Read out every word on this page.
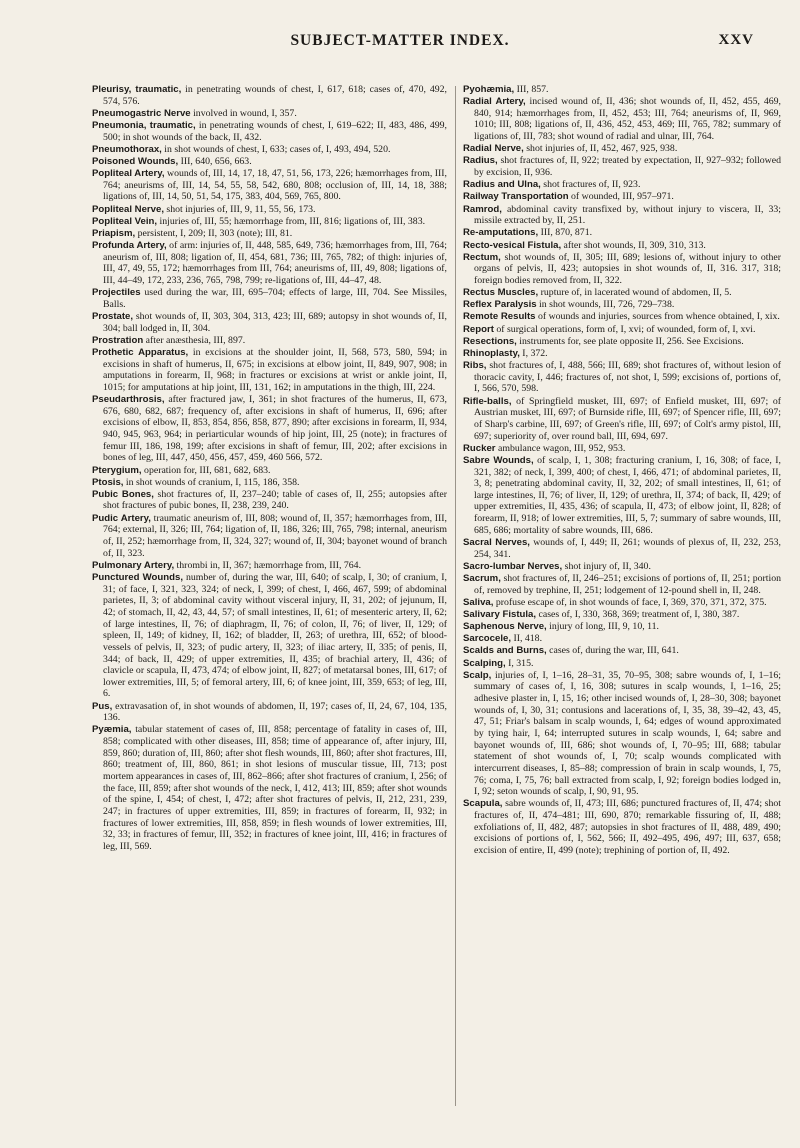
SUBJECT-MATTER INDEX.	XXV
Pleurisy, traumatic, in penetrating wounds of chest, I, 617, 618; cases of, 470, 492, 574, 576.
Pneumogastric Nerve involved in wound, I, 357.
Pneumonia, traumatic, in penetrating wounds of chest, I, 619–622; II, 483, 486, 499, 500; in shot wounds of the back, II, 432.
Pneumothorax, in shot wounds of chest, I, 633; cases of, I, 493, 494, 520.
Poisoned Wounds, III, 640, 656, 663.
Popliteal Artery, wounds of, III, 14, 17, 18, 47, 51, 56, 173, 226; hæmorrhages from, III, 764; aneurisms of, III, 14, 54, 55, 58, 542, 680, 808; occlusion of, III, 14, 18, 388; ligations of, III, 14, 50, 51, 54, 175, 383, 404, 569, 765, 800.
Popliteal Nerve, shot injuries of, III, 9, 11, 55, 56, 173.
Popliteal Vein, injuries of, III, 55; hæmorrhage from, III, 816; ligations of, III, 383.
Priapism, persistent, I, 209; II, 303 (note); III, 81.
Profunda Artery, of arm: injuries of, II, 448, 585, 649, 736; hæmorrhages from, III, 764; aneurism of, III, 808; ligation of, II, 454, 681, 736; III, 765, 782; of thigh: injuries of, III, 47, 49, 55, 172; hæmorrhages from III, 764; aneurisms of, III, 49, 808; ligations of, III, 44–49, 172, 233, 236, 765, 798, 799; re-ligations of, III, 44–47, 48.
Projectiles used during the war, III, 695–704; effects of large, III, 704. See Missiles, Balls.
Prostate, shot wounds of, II, 303, 304, 313, 423; III, 689; autopsy in shot wounds of, II, 304; ball lodged in, II, 304.
Prostration after anæsthesia, III, 897.
Prothetic Apparatus, in excisions at the shoulder joint, II, 568, 573, 580, 594; in excisions in shaft of humerus, II, 675; in excisions at elbow joint, II, 849, 907, 908; in amputations in forearm, II, 968; in fractures or excisions at wrist or ankle joint, II, 1015; for amputations at hip joint, III, 131, 162; in amputations in the thigh, III, 224.
Pseudarthrosis, after fractured jaw, I, 361; in shot fractures of the humerus, II, 673, 676, 680, 682, 687; frequency of, after excisions in shaft of humerus, II, 696; after excisions of elbow, II, 853, 854, 856, 858, 877, 890; after excisions in forearm, II, 934, 940, 945, 963, 964; in periarticular wounds of hip joint, III, 25 (note); in fractures of femur III, 186, 198, 199; after excisions in shaft of femur, III, 202; after excisions in bones of leg, III, 447, 450, 456, 457, 459, 460 566, 572.
Pterygium, operation for, III, 681, 682, 683.
Ptosis, in shot wounds of cranium, I, 115, 186, 358.
Pubic Bones, shot fractures of, II, 237–240; table of cases of, II, 255; autopsies after shot fractures of pubic bones, II, 238, 239, 240.
Pudic Artery, traumatic aneurism of, III, 808; wound of, II, 357; hæmorrhages from, III, 764; external, II, 326; III, 764; ligation of, II, 186, 326; III, 765, 798; internal, aneurism of, II, 252; hæmorrhage from, II, 324, 327; wound of, II, 304; bayonet wound of branch of, II, 323.
Pulmonary Artery, thrombi in, II, 367; hæmorrhage from, III, 764.
Punctured Wounds, number of, during the war, III, 640; of scalp, I, 30; of cranium, I, 31; of face, I, 321, 323, 324; of neck, I, 399; of chest, I, 466, 467, 599; of abdominal parietes, II, 3; of abdominal cavity without visceral injury, II, 31, 202; of jejunum, II, 42; of stomach, II, 42, 43, 44, 57; of small intestines, II, 61; of mesenteric artery, II, 62; of large intestines, II, 76; of diaphragm, II, 76; of colon, II, 76; of liver, II, 129; of spleen, II, 149; of kidney, II, 162; of bladder, II, 263; of urethra, III, 652; of blood-vessels of pelvis, II, 323; of pudic artery, II, 323; of iliac artery, II, 335; of penis, II, 344; of back, II, 429; of upper extremities, II, 435; of brachial artery, II, 436; of clavicle or scapula, II, 473, 474; of elbow joint, II, 827; of metatarsal bones, III, 617; of lower extremities, III, 5; of femoral artery, III, 6; of knee joint, III, 359, 653; of leg, III, 6.
Pus, extravasation of, in shot wounds of abdomen, II, 197; cases of, II, 24, 67, 104, 135, 136.
Pyæmia, tabular statement of cases of, III, 858; percentage of fatality in cases of, III, 858; complicated with other diseases, III, 858; time of appearance of, after injury, III, 859, 860; duration of, III, 860; after shot flesh wounds, III, 860; after shot fractures, III, 860; treatment of, III, 860, 861; in shot lesions of muscular tissue, III, 713; post mortem appearances in cases of, III, 862–866; after shot fractures of cranium, I, 256; of the face, III, 859; after shot wounds of the neck, I, 412, 413; III, 859; after shot wounds of the spine, I, 454; of chest, I, 472; after shot fractures of pelvis, II, 212, 231, 239, 247; in fractures of upper extremities, III, 859; in fractures of forearm, II, 932; in fractures of lower extremities, III, 858, 859; in flesh wounds of lower extremities, III, 32, 33; in fractures of femur, III, 352; in fractures of knee joint, III, 416; in fractures of leg, III, 569.
Pyohæmia, III, 857.
Radial Artery, incised wound of, II, 436; shot wounds of, II, 452, 455, 469, 840, 914; hæmorrhages from, II, 452, 453; III, 764; aneurisms of, II, 969, 1010; III, 808; ligations of, II, 436, 452, 453, 469; III, 765, 782; summary of ligations of, III, 783; shot wound of radial and ulnar, III, 764.
Radial Nerve, shot injuries of, II, 452, 467, 925, 938.
Radius, shot fractures of, II, 922; treated by expectation, II, 927–932; followed by excision, II, 936.
Radius and Ulna, shot fractures of, II, 923.
Railway Transportation of wounded, III, 957–971.
Ramrod, abdominal cavity transfixed by, without injury to viscera, II, 33; missile extracted by, II, 251.
Re-amputations, III, 870, 871.
Recto-vesical Fistula, after shot wounds, II, 309, 310, 313.
Rectum, shot wounds of, II, 305; III, 689; lesions of, without injury to other organs of pelvis, II, 423; autopsies in shot wounds of, II, 316. 317, 318; foreign bodies removed from, II, 322.
Rectus Muscles, rupture of, in lacerated wound of abdomen, II, 5.
Reflex Paralysis in shot wounds, III, 726, 729–738.
Remote Results of wounds and injuries, sources from whence obtained, I, xix.
Report of surgical operations, form of, I, xvi; of wounded, form of, I, xvi.
Resections, instruments for, see plate opposite II, 256. See Excisions.
Rhinoplasty, I, 372.
Ribs, shot fractures of, I, 488, 566; III, 689; shot fractures of, without lesion of thoracic cavity, I, 446; fractures of, not shot, I, 599; excisions of, portions of, I, 566, 570, 598.
Rifle-balls, of Springfield musket, III, 697; of Enfield musket, III, 697; of Austrian musket, III, 697; of Burnside rifle, III, 697; of Spencer rifle, III, 697; of Sharp's carbine, III, 697; of Green's rifle, III, 697; of Colt's army pistol, III, 697; superiority of, over round ball, III, 694, 697.
Rucker ambulance wagon, III, 952, 953.
Sabre Wounds, of scalp, I, 1, 308; fracturing cranium, I, 16, 308; of face, I, 321, 382; of neck, I, 399, 400; of chest, I, 466, 471; of abdominal parietes, II, 3, 8; penetrating abdominal cavity, II, 32, 202; of small intestines, II, 61; of large intestines, II, 76; of liver, II, 129; of urethra, II, 374; of back, II, 429; of upper extremities, II, 435, 436; of scapula, II, 473; of elbow joint, II, 828; of forearm, II, 918; of lower extremities, III, 5, 7; summary of sabre wounds, III, 685, 686; mortality of sabre wounds, III, 686.
Sacral Nerves, wounds of, I, 449; II, 261; wounds of plexus of, II, 232, 253, 254, 341.
Sacro-lumbar Nerves, shot injury of, II, 340.
Sacrum, shot fractures of, II, 246–251; excisions of portions of, II, 251; portion of, removed by trephine, II, 251; lodgement of 12-pound shell in, II, 248.
Saliva, profuse escape of, in shot wounds of face, I, 369, 370, 371, 372, 375.
Salivary Fistula, cases of, I, 330, 368, 369; treatment of, I, 380, 387.
Saphenous Nerve, injury of long, III, 9, 10, 11.
Sarcocele, II, 418.
Scalds and Burns, cases of, during the war, III, 641.
Scalping, I, 315.
Scalp, injuries of, I, 1–16, 28–31, 35, 70–95, 308; sabre wounds of, I, 1–16; summary of cases of, I, 16, 308; sutures in scalp wounds, I, 1–16, 25; adhesive plaster in, I, 15, 16; other incised wounds of, I, 28–30, 308; bayonet wounds of, I, 30, 31; contusions and lacerations of, I, 35, 38, 39–42, 43, 45, 47, 51; Friar's balsam in scalp wounds, I, 64; edges of wound approximated by tying hair, I, 64; interrupted sutures in scalp wounds, I, 64; sabre and bayonet wounds of, III, 686; shot wounds of, I, 70–95; III, 688; tabular statement of shot wounds of, I, 70; scalp wounds complicated with intercurrent diseases, I, 85–88; compression of brain in scalp wounds, I, 75, 76; coma, I, 75, 76; ball extracted from scalp, I, 92; foreign bodies lodged in, I, 92; seton wounds of scalp, I, 90, 91, 95.
Scapula, sabre wounds of, II, 473; III, 686; punctured fractures of, II, 474; shot fractures of, II, 474–481; III, 690, 870; remarkable fissuring of, II, 488; exfoliations of, II, 482, 487; autopsies in shot fractures of II, 488, 489, 490; excisions of portions of, I, 562, 566; II, 492–495, 496, 497; III, 637, 658; excision of entire, II, 499 (note); trephining of portion of, II, 492.
